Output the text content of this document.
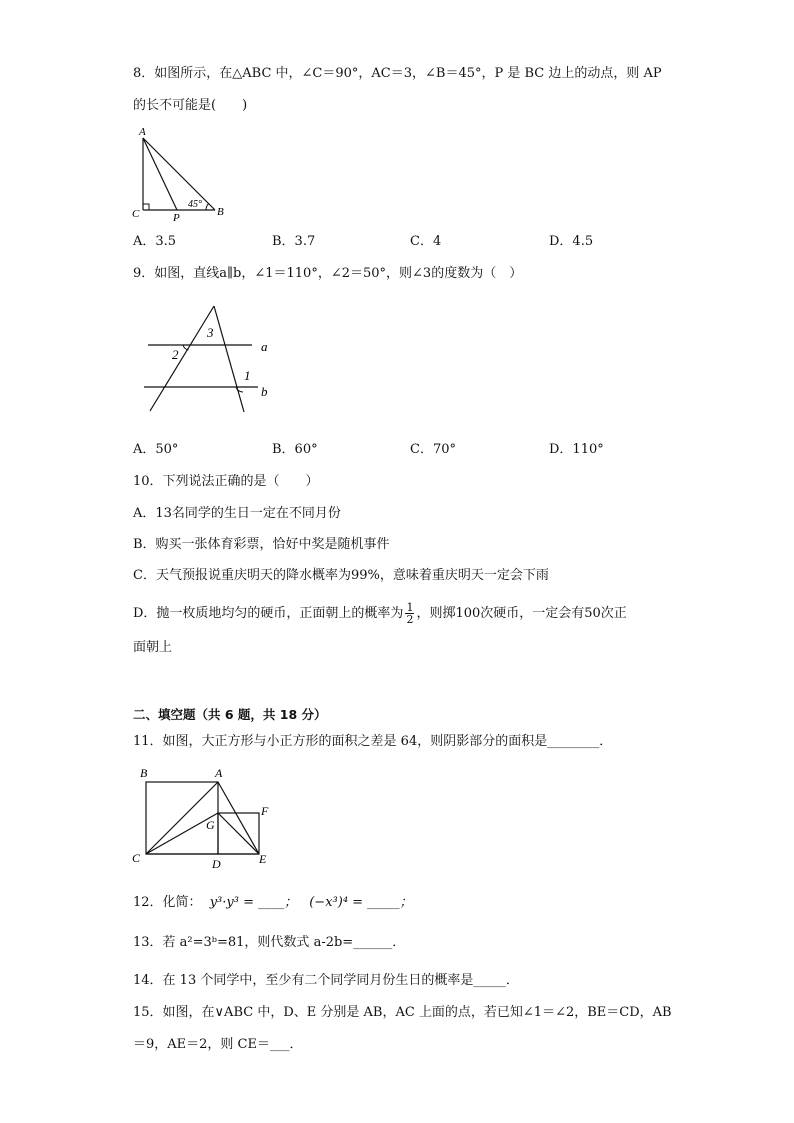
8．如图所示，在△ABC 中，∠C＝90°，AC＝3，∠B＝45°，P 是 BC 边上的动点，则 AP
的长不可能是(　　)
A
C	P	B
45°
A．3.5	B．3.7	C．4	D．4.5
9．如图，直线a∥b，∠1＝110°，∠2＝50°，则∠3的度数为（　）
3
2
1
a
b
A．50°	B．60°	C．70°	D．110°
10．下列说法正确的是（　　）
A．13名同学的生日一定在不同月份
B．购买一张体育彩票，恰好中奖是随机事件
C．天气预报说重庆明天的降水概率为99%，意味着重庆明天一定会下雨
D．抛一枚质地均匀的硬币，正面朝上的概率为 $\frac{1}{2}$ ，则掷100次硬币，一定会有50次正
面朝上
二、填空题（共 6 题，共 18 分）
11．如图，大正方形与小正方形的面积之差是 64，则阴影部分的面积是________．
B	A
F
G
C	D	E
12．化简： y³·y³ = ____； (−x³)⁴ = _____；
13．若 a²=3ᵇ=81，则代数式 a-2b=______．
14．在 13 个同学中，至少有二个同学同月份生日的概率是_____．
15．如图，在∨ABC 中，D、E 分别是 AB，AC 上面的点，若已知∠1＝∠2，BE＝CD，AB
＝9，AE＝2，则 CE＝___．
